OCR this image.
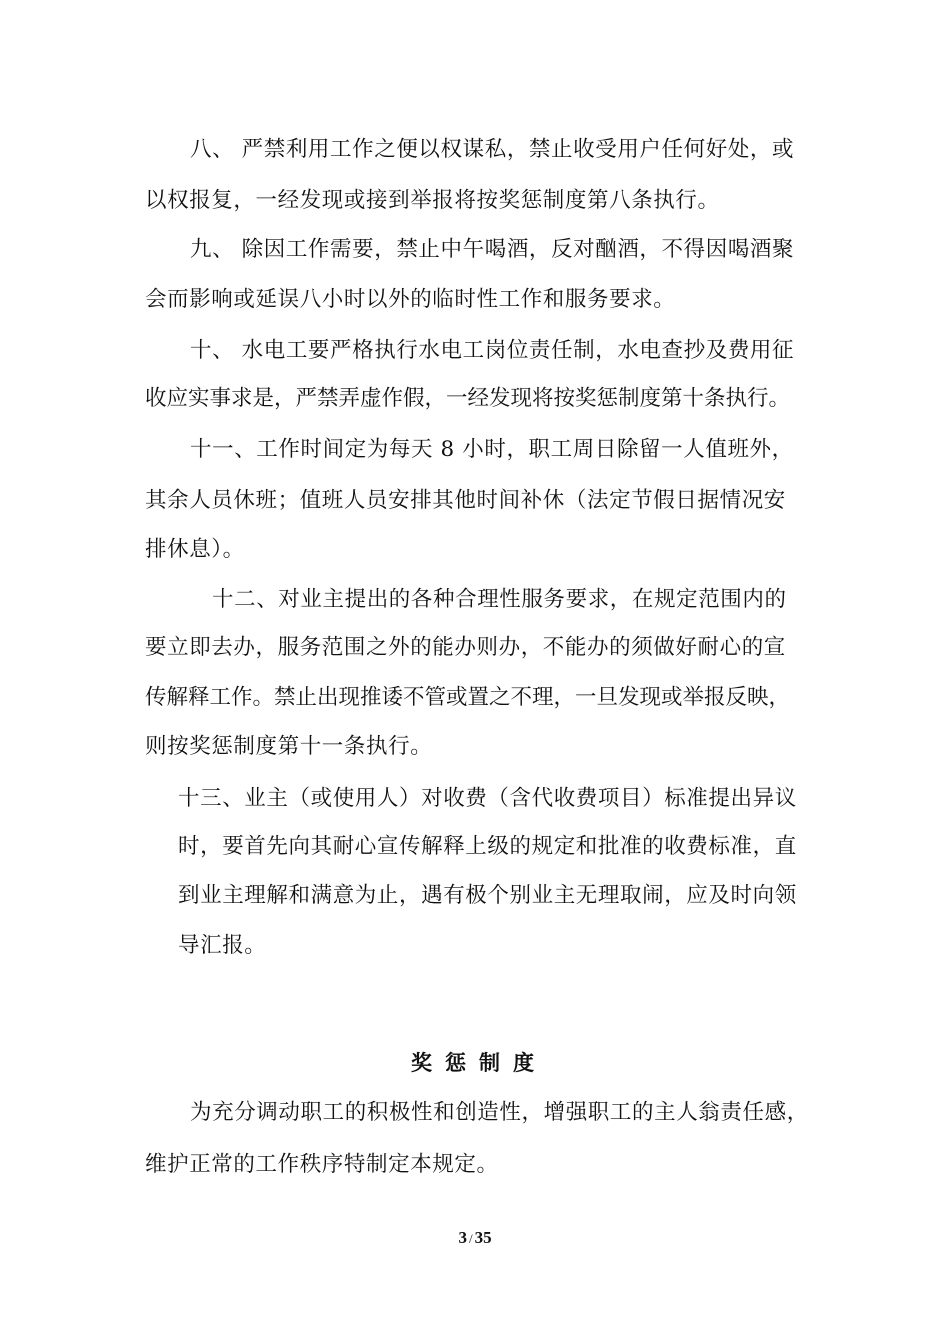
八、 严禁利用工作之便以权谋私，禁止收受用户任何好处，或
以权报复，一经发现或接到举报将按奖惩制度第八条执行。
九、 除因工作需要，禁止中午喝酒，反对酗酒，不得因喝酒聚
会而影响或延误八小时以外的临时性工作和服务要求。
十、 水电工要严格执行水电工岗位责任制，水电查抄及费用征
收应实事求是，严禁弄虚作假，一经发现将按奖惩制度第十条执行。
十一、工作时间定为每天 8 小时，职工周日除留一人值班外，
其余人员休班；值班人员安排其他时间补休（法定节假日据情况安
排休息）。
十二、对业主提出的各种合理性服务要求，在规定范围内的
要立即去办，服务范围之外的能办则办，不能办的须做好耐心的宣
传解释工作。禁止出现推诿不管或置之不理，一旦发现或举报反映，
则按奖惩制度第十一条执行。
十三、业主（或使用人）对收费（含代收费项目）标准提出异议
时，要首先向其耐心宣传解释上级的规定和批准的收费标准，直
到业主理解和满意为止，遇有极个别业主无理取闹，应及时向领
导汇报。
奖惩制度
为充分调动职工的积极性和创造性，增强职工的主人翁责任感，
维护正常的工作秩序特制定本规定。
3 / 35
